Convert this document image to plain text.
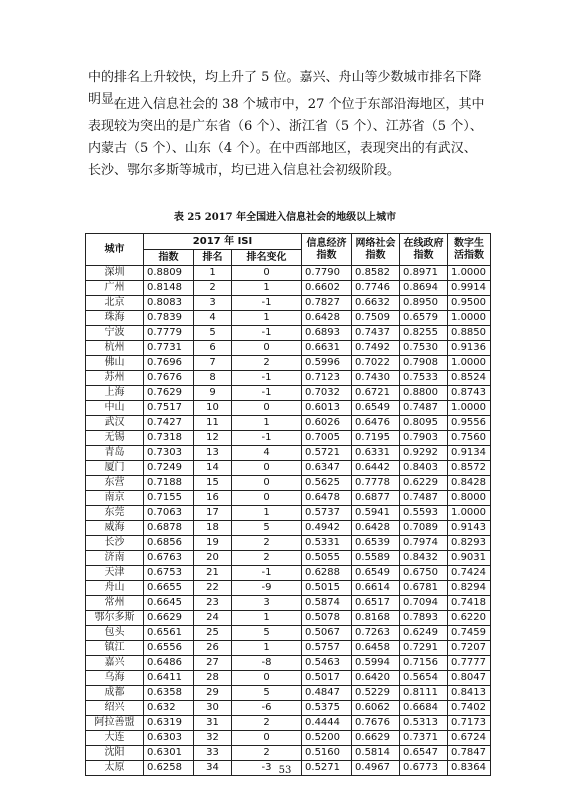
中的排名上升较快，均上升了 5 位。嘉兴、舟山等少数城市排名下降明显。

在进入信息社会的 38 个城市中，27 个位于东部沿海地区，其中表现较为突出的是广东省（6 个）、浙江省（5 个）、江苏省（5 个）、内蒙古（5 个）、山东（4 个）。在中西部地区，表现突出的有武汉、长沙、鄂尔多斯等城市，均已进入信息社会初级阶段。

表 25 2017 年全国进入信息社会的地级以上城市

城市	2017 年 ISI			信息经济指数	网络社会指数	在线政府指数	数字生活指数
	指数	排名	排名变化				
深圳	0.8809	1	0	0.7790	0.8582	0.8971	1.0000
广州	0.8148	2	1	0.6602	0.7746	0.8694	0.9914
北京	0.8083	3	-1	0.7827	0.6632	0.8950	0.9500
珠海	0.7839	4	1	0.6428	0.7509	0.6579	1.0000
宁波	0.7779	5	-1	0.6893	0.7437	0.8255	0.8850
杭州	0.7731	6	0	0.6631	0.7492	0.7530	0.9136
佛山	0.7696	7	2	0.5996	0.7022	0.7908	1.0000
苏州	0.7676	8	-1	0.7123	0.7430	0.7533	0.8524
上海	0.7629	9	-1	0.7032	0.6721	0.8800	0.8743
中山	0.7517	10	0	0.6013	0.6549	0.7487	1.0000
武汉	0.7427	11	1	0.6026	0.6476	0.8095	0.9556
无锡	0.7318	12	-1	0.7005	0.7195	0.7903	0.7560
青岛	0.7303	13	4	0.5721	0.6331	0.9292	0.9134
厦门	0.7249	14	0	0.6347	0.6442	0.8403	0.8572
东营	0.7188	15	0	0.5625	0.7778	0.6229	0.8428
南京	0.7155	16	0	0.6478	0.6877	0.7487	0.8000
东莞	0.7063	17	1	0.5737	0.5941	0.5593	1.0000
威海	0.6878	18	5	0.4942	0.6428	0.7089	0.9143
长沙	0.6856	19	2	0.5331	0.6539	0.7974	0.8293
济南	0.6763	20	2	0.5055	0.5589	0.8432	0.9031
天津	0.6753	21	-1	0.6288	0.6549	0.6750	0.7424
舟山	0.6655	22	-9	0.5015	0.6614	0.6781	0.8294
常州	0.6645	23	3	0.5874	0.6517	0.7094	0.7418
鄂尔多斯	0.6629	24	1	0.5078	0.8168	0.7893	0.6220
包头	0.6561	25	5	0.5067	0.7263	0.6249	0.7459
镇江	0.6556	26	1	0.5757	0.6458	0.7291	0.7207
嘉兴	0.6486	27	-8	0.5463	0.5994	0.7156	0.7777
乌海	0.6411	28	0	0.5017	0.6420	0.5654	0.8047
成都	0.6358	29	5	0.4847	0.5229	0.8111	0.8413
绍兴	0.632	30	-6	0.5375	0.6062	0.6684	0.7402
阿拉善盟	0.6319	31	2	0.4444	0.7676	0.5313	0.7173
大连	0.6303	32	0	0.5200	0.6629	0.7371	0.6724
沈阳	0.6301	33	2	0.5160	0.5814	0.6547	0.7847
太原	0.6258	34	-3	0.5271	0.4967	0.6773	0.8364
53
